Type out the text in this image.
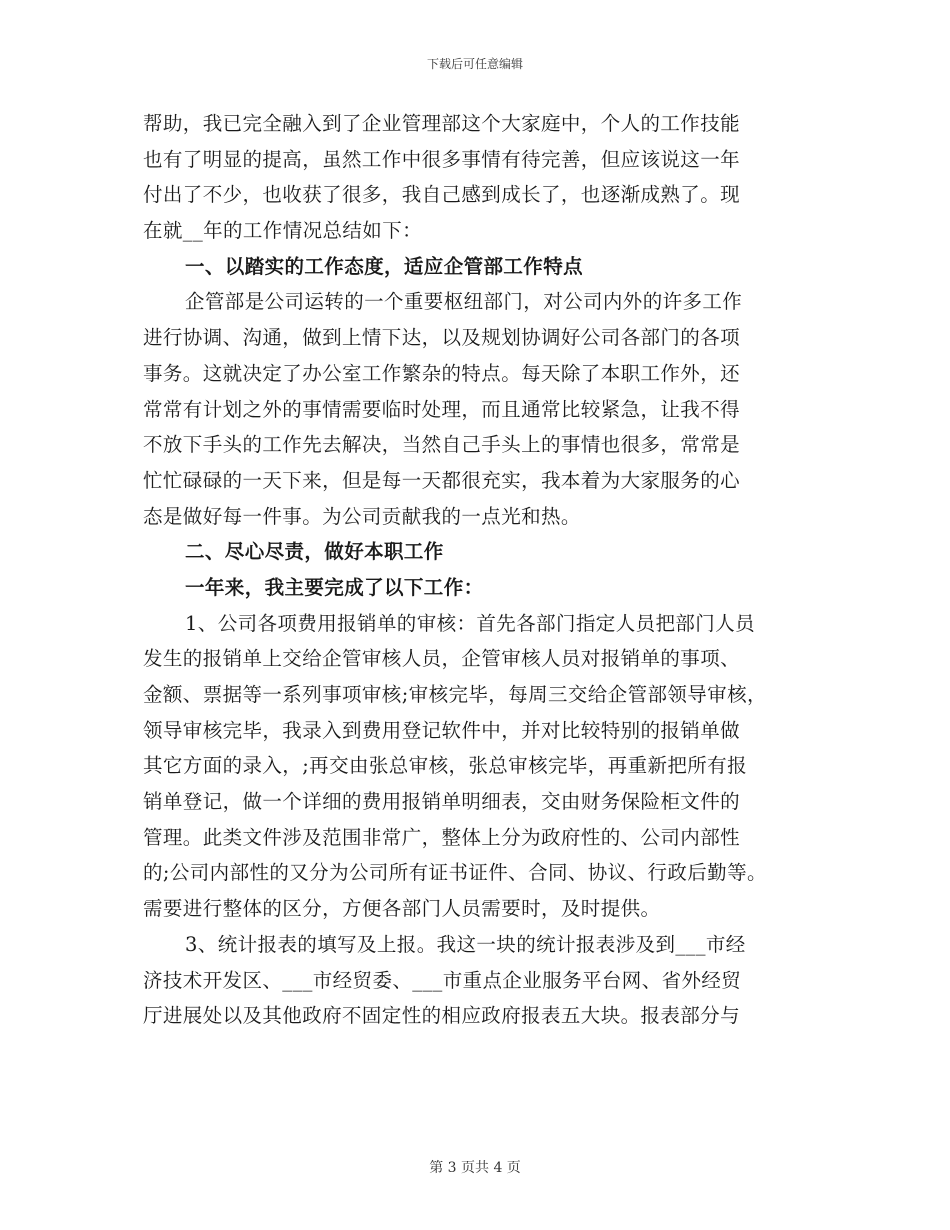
下载后可任意编辑
帮助，我已完全融入到了企业管理部这个大家庭中，个人的工作技能
也有了明显的提高，虽然工作中很多事情有待完善，但应该说这一年
付出了不少，也收获了很多，我自己感到成长了，也逐渐成熟了。现
在就__年的工作情况总结如下：
一、以踏实的工作态度，适应企管部工作特点
企管部是公司运转的一个重要枢纽部门，对公司内外的许多工作
进行协调、沟通，做到上情下达，以及规划协调好公司各部门的各项
事务。这就决定了办公室工作繁杂的特点。每天除了本职工作外，还
常常有计划之外的事情需要临时处理，而且通常比较紧急，让我不得
不放下手头的工作先去解决，当然自己手头上的事情也很多，常常是
忙忙碌碌的一天下来，但是每一天都很充实，我本着为大家服务的心
态是做好每一件事。为公司贡献我的一点光和热。
二、尽心尽责，做好本职工作
一年来，我主要完成了以下工作：
1、公司各项费用报销单的审核：首先各部门指定人员把部门人员
发生的报销单上交给企管审核人员，企管审核人员对报销单的事项、
金额、票据等一系列事项审核;审核完毕，每周三交给企管部领导审核，
领导审核完毕，我录入到费用登记软件中，并对比较特别的报销单做
其它方面的录入，;再交由张总审核，张总审核完毕，再重新把所有报
销单登记，做一个详细的费用报销单明细表，交由财务保险柜文件的
管理。此类文件涉及范围非常广，整体上分为政府性的、公司内部性
的;公司内部性的又分为公司所有证书证件、合同、协议、行政后勤等。
需要进行整体的区分，方便各部门人员需要时，及时提供。
3、统计报表的填写及上报。我这一块的统计报表涉及到___市经
济技术开发区、___市经贸委、___市重点企业服务平台网、省外经贸
厅进展处以及其他政府不固定性的相应政府报表五大块。报表部分与
第 3 页共 4 页
